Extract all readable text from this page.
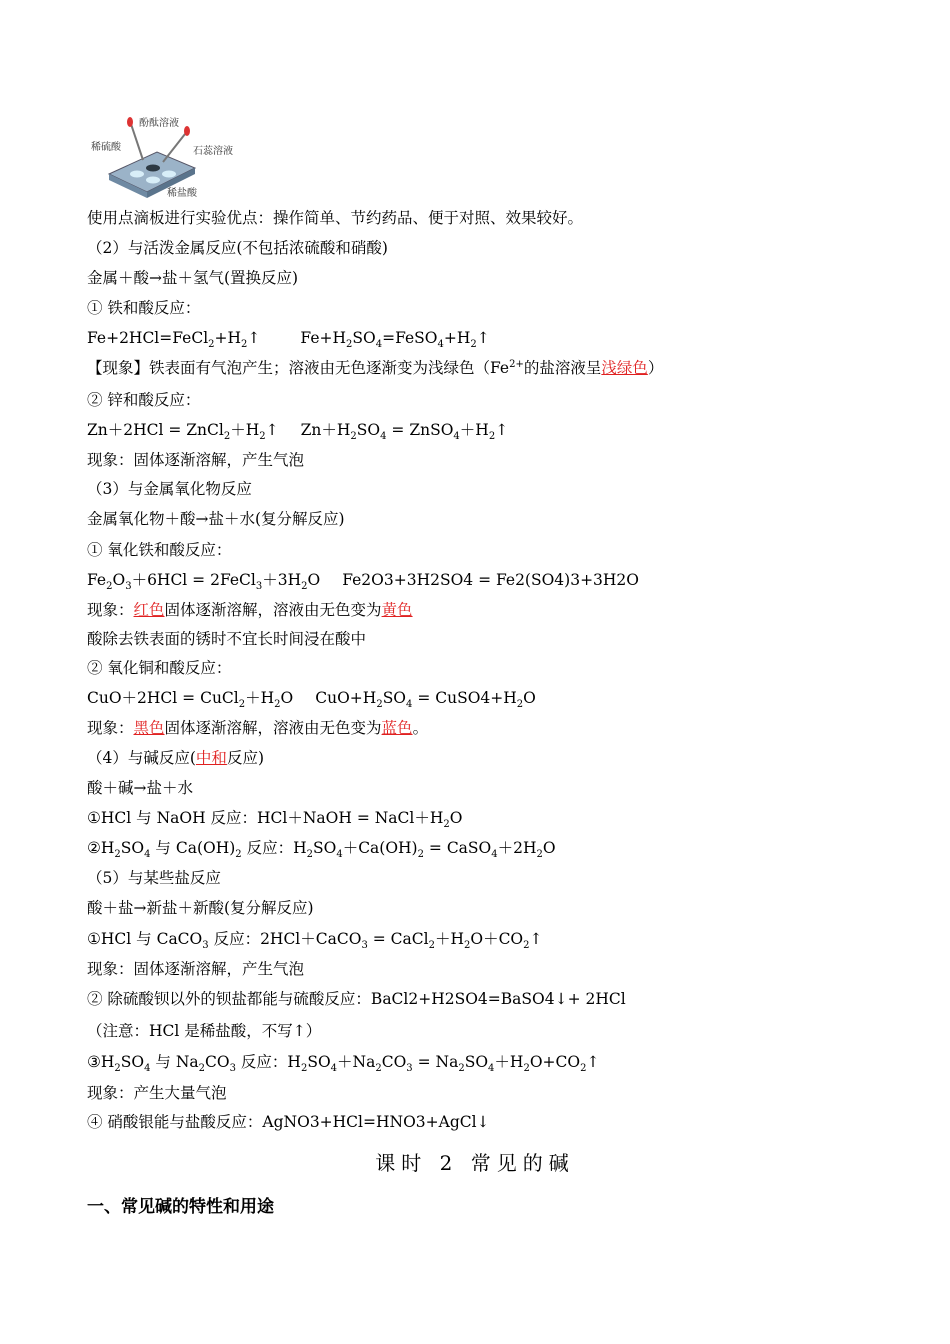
酚酞溶液
稀硫酸	石蕊溶液
稀盐酸
使用点滴板进行实验优点：操作简单、节约药品、便于对照、效果较好。
（2）与活泼金属反应(不包括浓硫酸和硝酸)
金属＋酸→盐＋氢气(置换反应)
① 铁和酸反应：
$Fe+2HCl=FeCl_2+H_2↑$	$Fe+H_2SO_4=FeSO_4+H_2↑$
【现象】铁表面有气泡产生；溶液由无色逐渐变为浅绿色（$Fe^{2+}$的盐溶液呈浅绿色）
② 锌和酸反应：
$Zn+2HCl = ZnCl_2+H_2↑$ $Zn+H_2SO_4$ = $ZnSO_4+H_2↑$
现象：固体逐渐溶解，产生气泡
（3）与金属氧化物反应
金属氧化物＋酸→盐＋水(复分解反应)
① 氧化铁和酸反应：
$Fe_2O_3+6HCl$ = $2FeCl_3+3H_2O$ Fe2O3+3H2SO4 = Fe2(SO4)3+3H2O
现象：红色固体逐渐溶解，溶液由无色变为黄色
酸除去铁表面的锈时不宜长时间浸在酸中
② 氧化铜和酸反应：
$CuO+2HCl = CuCl_2+H_2O$ $CuO+H_2SO_4$ = $CuSO4+H_2O$
现象：黑色固体逐渐溶解，溶液由无色变为蓝色。
（4）与碱反应(中和反应)
酸＋碱→盐＋水
①HCl 与 NaOH 反应：HCl＋NaOH = $NaCl+H_2O$
$②H_2SO_4$ 与 $Ca(OH)_2$ 反应：$H_2SO_4+Ca(OH)_2$ = $CaSO_4+2H_2O$
（5）与某些盐反应
酸＋盐→新盐＋新酸(复分解反应)
①HCl 与 CaCO$_3$ 反应：2HCl＋CaCO$_3$ = $CaCl_2+H_2O+CO_2↑$
现象：固体逐渐溶解，产生气泡
② 除硫酸钡以外的钡盐都能与硫酸反应：BaCl2+H2SO4=BaSO4↓+ 2HCl
（注意：HCl 是稀盐酸，不写↑）
$③H_2SO_4$ 与 $Na_2CO_3$ 反应：$H_2SO_4+Na_2CO_3$ = $Na_2SO_4+H_2O+CO_2↑$
现象：产生大量气泡
④ 硝酸银能与盐酸反应：AgNO3+HCl=HNO3+AgCl↓
课时 2 常见的碱
一、常见碱的特性和用途
